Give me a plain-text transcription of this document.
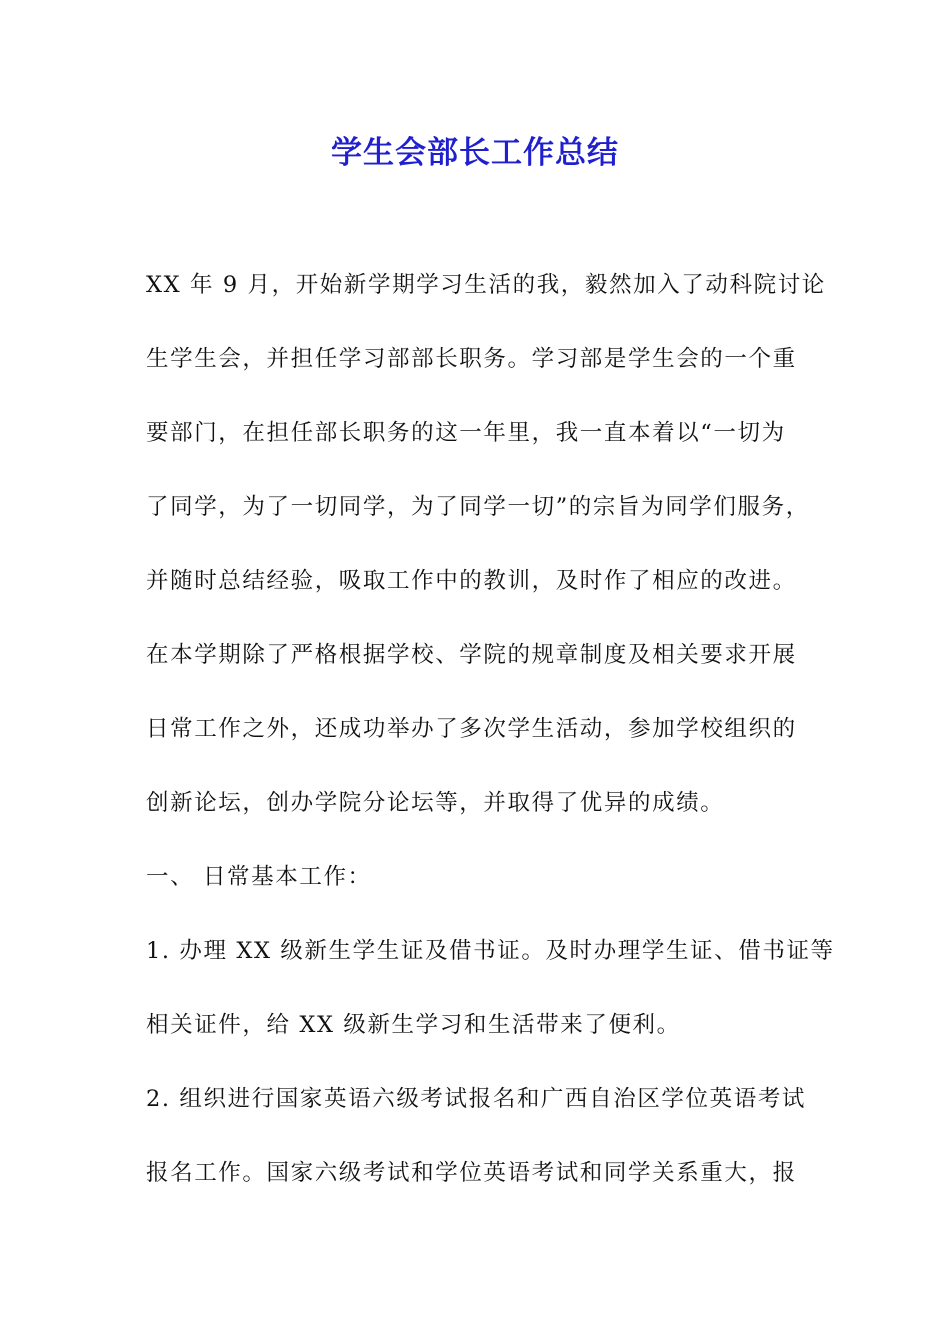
学生会部长工作总结
XX 年 9 月，开始新学期学习生活的我，毅然加入了动科院讨论
生学生会，并担任学习部部长职务。学习部是学生会的一个重
要部门，在担任部长职务的这一年里，我一直本着以“一切为
了同学，为了一切同学，为了同学一切”的宗旨为同学们服务，
并随时总结经验，吸取工作中的教训，及时作了相应的改进。
在本学期除了严格根据学校、学院的规章制度及相关要求开展
日常工作之外，还成功举办了多次学生活动，参加学校组织的
创新论坛，创办学院分论坛等，并取得了优异的成绩。
一、 日常基本工作：
1. 办理 XX 级新生学生证及借书证。及时办理学生证、借书证等
相关证件，给 XX 级新生学习和生活带来了便利。
2. 组织进行国家英语六级考试报名和广西自治区学位英语考试
报名工作。国家六级考试和学位英语考试和同学关系重大，报
